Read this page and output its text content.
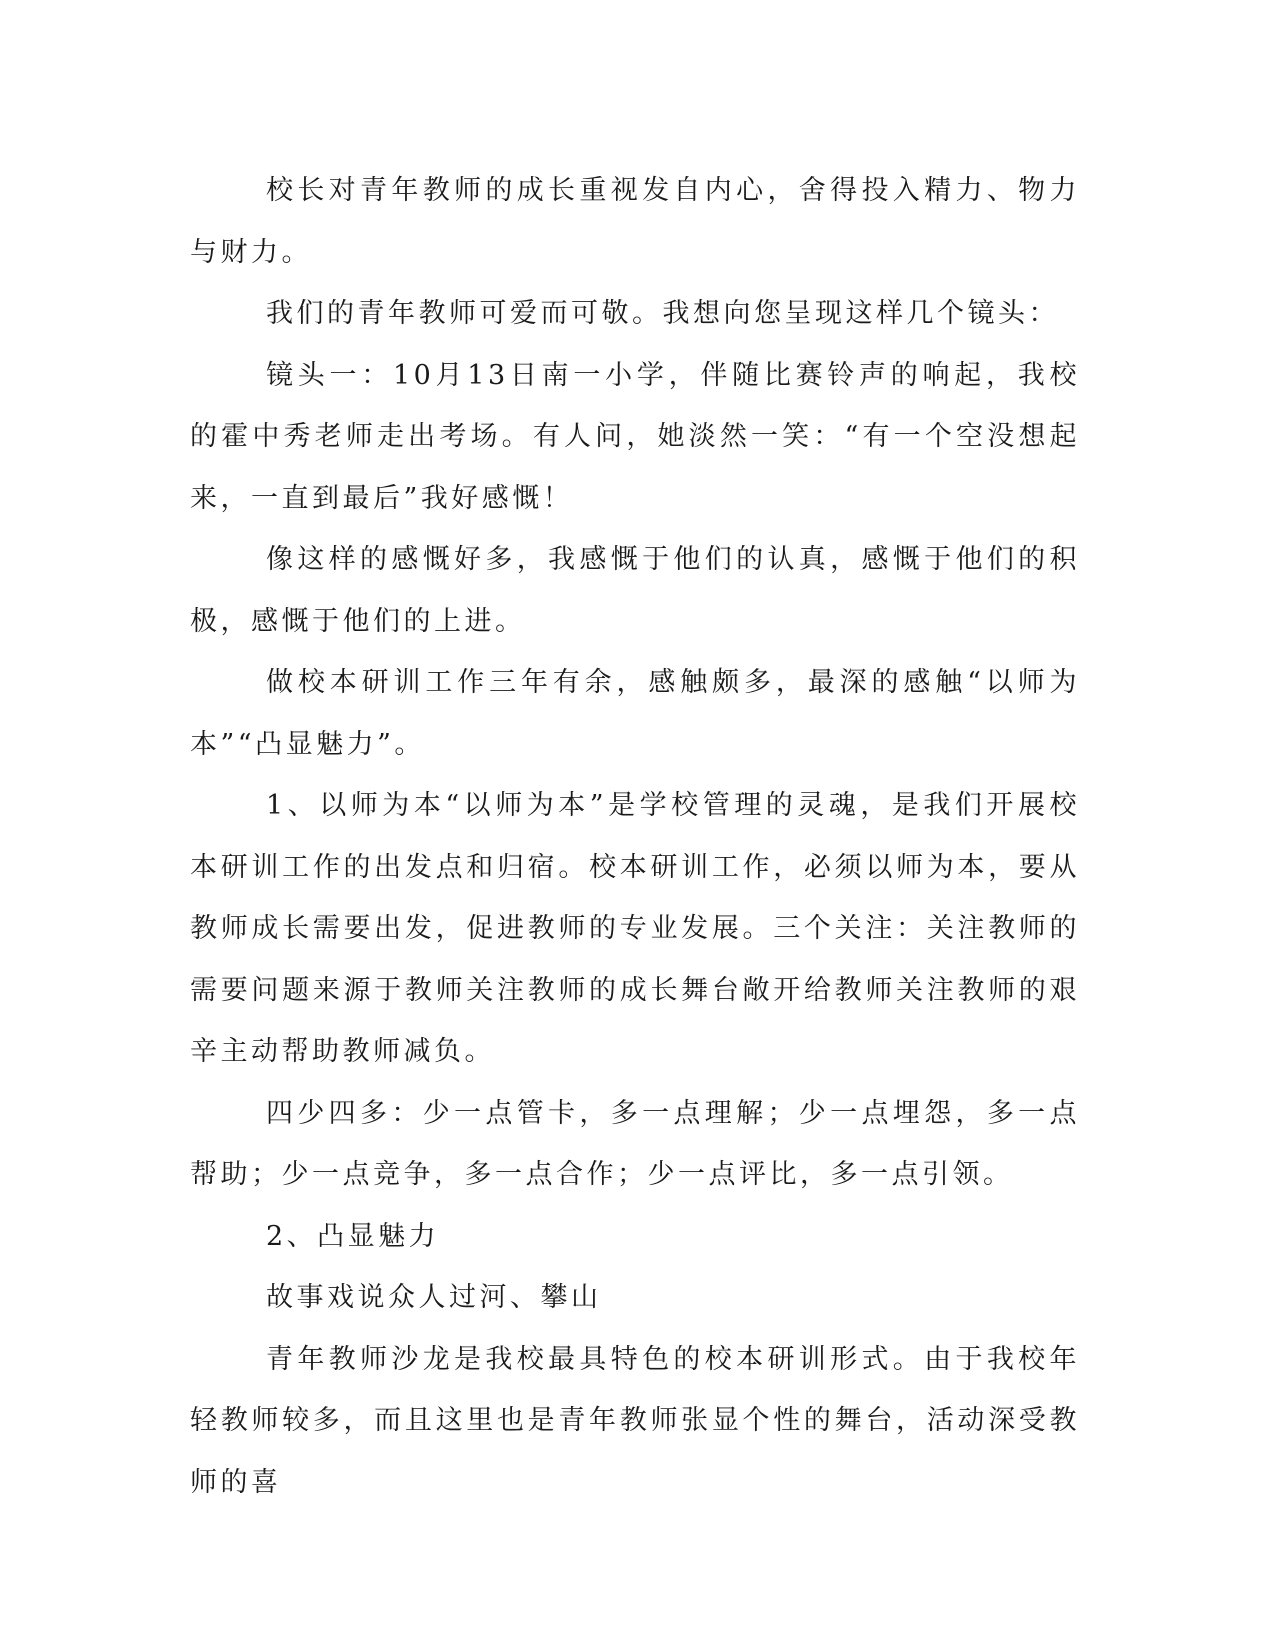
校长对青年教师的成长重视发自内心，舍得投入精力、物力与财力。

我们的青年教师可爱而可敬。我想向您呈现这样几个镜头：

镜头一：10月13日南一小学，伴随比赛铃声的响起，我校的霍中秀老师走出考场。有人问，她淡然一笑：“有一个空没想起来，一直到最后”我好感慨！

像这样的感慨好多，我感慨于他们的认真，感慨于他们的积极，感慨于他们的上进。

做校本研训工作三年有余，感触颇多，最深的感触“以师为本”“凸显魅力”。

1、以师为本“以师为本”是学校管理的灵魂，是我们开展校本研训工作的出发点和归宿。校本研训工作，必须以师为本，要从教师成长需要出发，促进教师的专业发展。三个关注：关注教师的需要问题来源于教师关注教师的成长舞台敞开给教师关注教师的艰辛主动帮助教师减负。

四少四多：少一点管卡，多一点理解；少一点埋怨，多一点帮助；少一点竞争，多一点合作；少一点评比，多一点引领。

2、凸显魅力

故事戏说众人过河、攀山

青年教师沙龙是我校最具特色的校本研训形式。由于我校年轻教师较多，而且这里也是青年教师张显个性的舞台，活动深受教师的喜
